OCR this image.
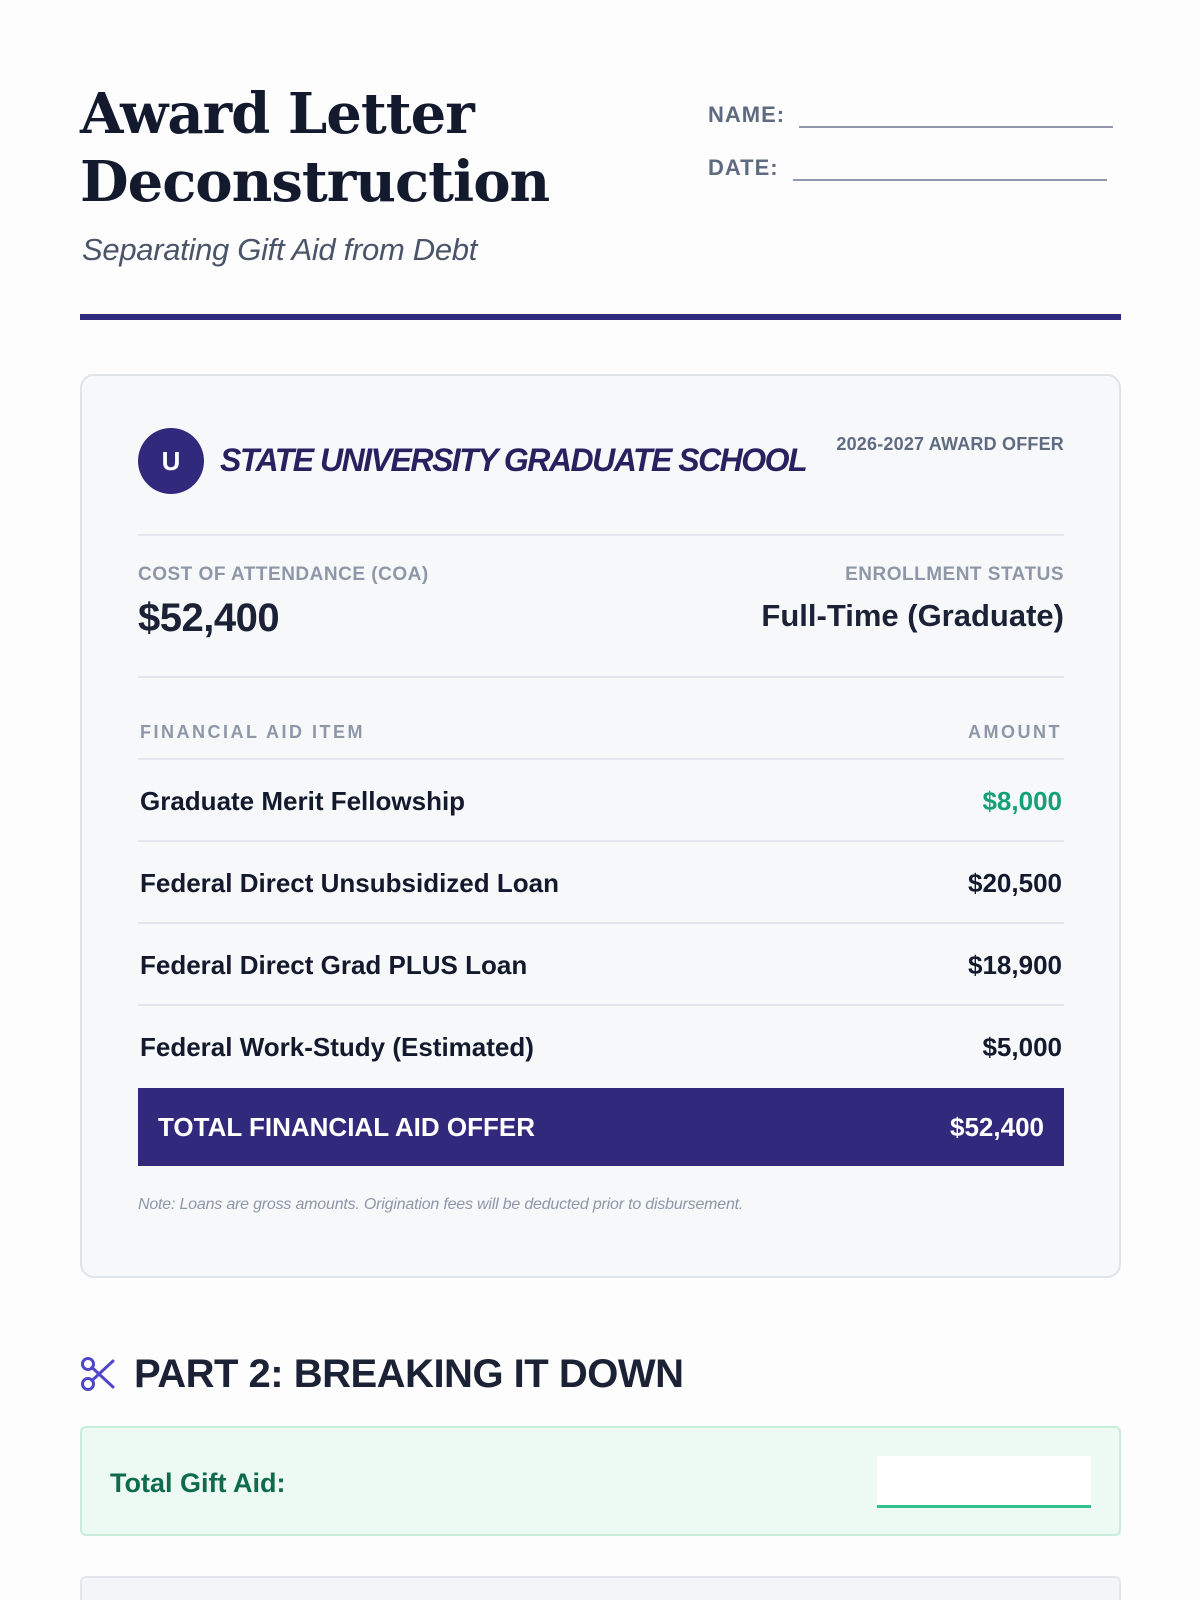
Award Letter
Deconstruction
Separating Gift Aid from Debt
NAME:
DATE:
U	STATE UNIVERSITY GRADUATE SCHOOL 2026-2027 AWARD OFFER
COST OF ATTENDANCE (COA)
$52,400
ENROLLMENT STATUS
Full-Time (Graduate)
FINANCIAL AID ITEM	AMOUNT
Graduate Merit Fellowship	$8,000
Federal Direct Unsubsidized Loan	$20,500
Federal Direct Grad PLUS Loan	$18,900
Federal Work-Study (Estimated)	$5,000
TOTAL FINANCIAL AID OFFER	$52,400
Note: Loans are gross amounts. Origination fees will be deducted prior to disbursement.
PART 2: BREAKING IT DOWN
Total Gift Aid:
